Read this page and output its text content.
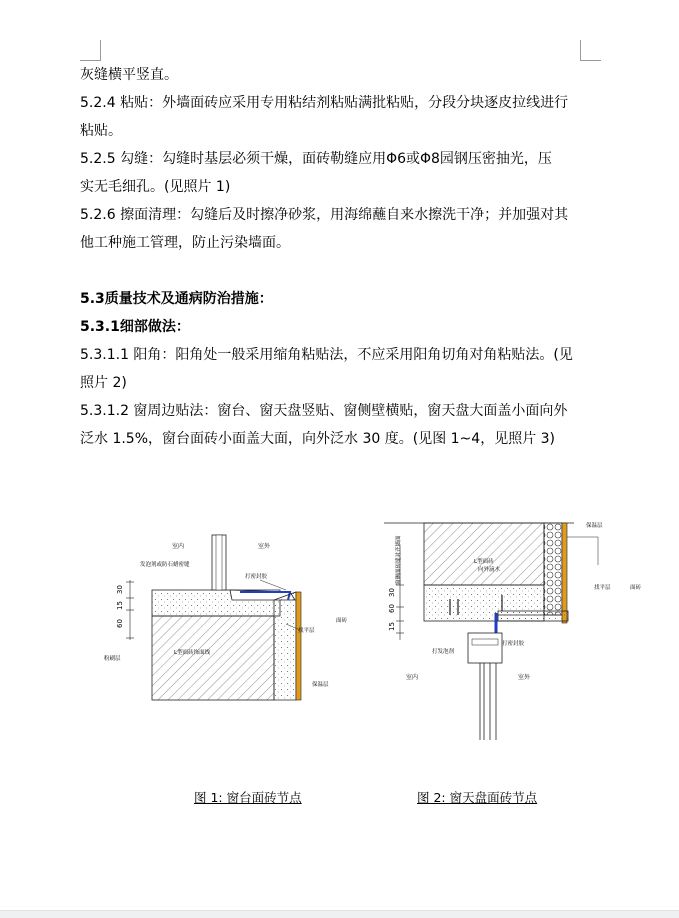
灰缝横平竖直。
5.2.4 粘贴：外墙面砖应采用专用粘结剂粘贴满批粘贴，分段分块逐皮拉线进行
粘贴。
5.2.5 勾缝：勾缝时基层必须干燥，面砖勒缝应用Φ6或Φ8园钢压密抽光，压
实无毛细孔。(见照片 1)
5.2.6 擦面清理：勾缝后及时擦净砂浆，用海绵蘸自来水擦洗干净；并加强对其
他工种施工管理，防止污染墙面。
5.3质量技术及通病防治措施：
5.3.1细部做法：
5.3.1.1 阳角：阳角处一般采用缩角粘贴法，不应采用阳角切角对角粘贴法。(见
照片 2)
5.3.1.2 窗周边贴法：窗台、窗天盘竖贴、窗侧壁横贴，窗天盘大面盖小面向外
泛水 1.5%，窗台面砖小面盖大面，向外泛水 30 度。(见图 1~4，见照片 3)
30
15
60
室内	室外
发泡剂或防石蜡密缝
打密封胶
L型面砖饰面线
找平层
面砖
粉刷层
保温层
30
60
15
窗侧面砖缝对齐墙面
保温层
L型面砖
向外滴水
找平层	面砖
打密封胶
打发泡剂
室内	室外
图 1: 窗台面砖节点	图 2: 窗天盘面砖节点
